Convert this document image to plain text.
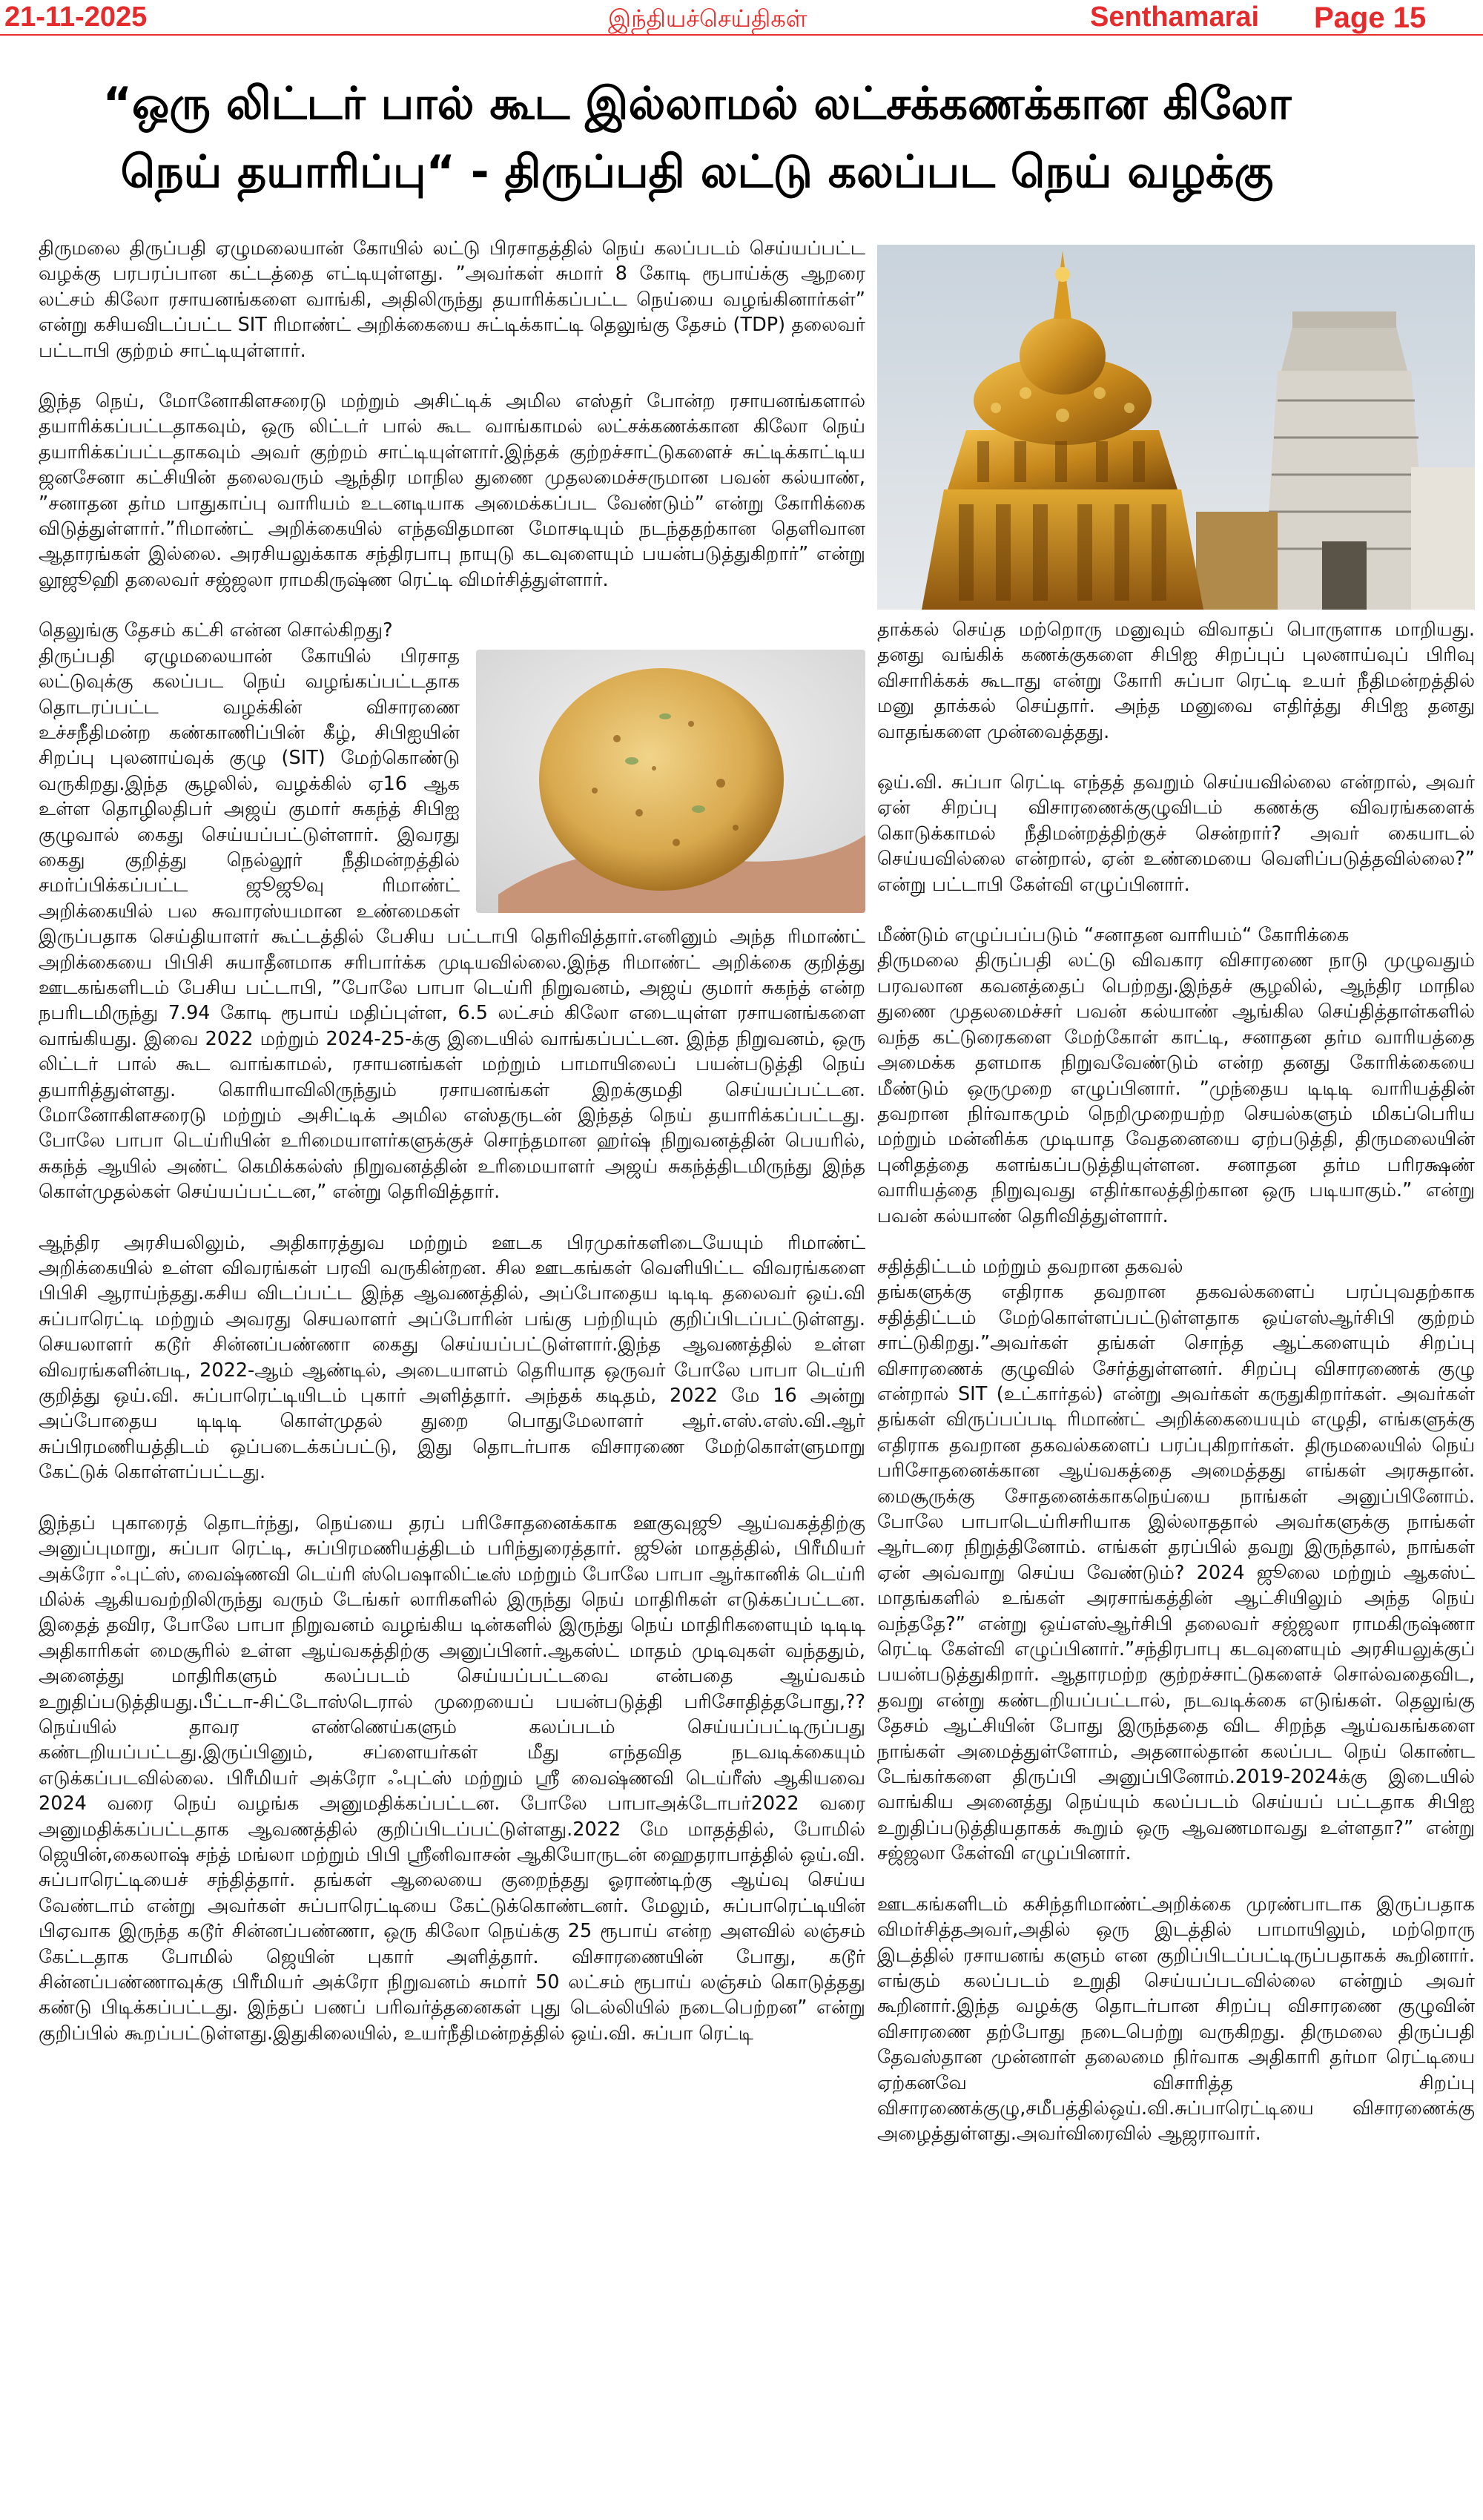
21-11-2025	இந்தியச்செய்திகள்	Senthamarai Page 15
“ஒரு லிட்டர் பால் கூட இல்லாமல் லட்சக்கணக்கான கிலோ
நெய் தயாரிப்பு“ - திருப்பதி லட்டு கலப்பட நெய் வழக்கு

திருமலை திருப்பதி ஏழுமலையான் கோயில் லட்டு பிரசாதத்தில் நெய் கலப்படம் செய்யப்பட்ட வழக்கு பரபரப்பான கட்டத்தை எட்டியுள்ளது. ”அவர்கள் சுமார் 8 கோடி ரூபாய்க்கு ஆறரை லட்சம் கிலோ ரசாயனங்களை வாங்கி, அதிலிருந்து தயாரிக்கப்பட்ட நெய்யை வழங்கினார்கள்” என்று கசியவிடப்பட்ட SIT ரிமாண்ட் அறிக்கையை சுட்டிக்காட்டி தெலுங்கு தேசம் (TDP) தலைவர் பட்டாபி குற்றம் சாட்டியுள்ளார்.

இந்த நெய், மோனோகிளசரைடு மற்றும் அசிட்டிக் அமில எஸ்தர் போன்ற ரசாயனங்களால் தயாரிக்கப்பட்டதாகவும், ஒரு லிட்டர் பால் கூட வாங்காமல் லட்சக்கணக்கான கிலோ நெய் தயாரிக்கப்பட்டதாகவும் அவர் குற்றம் சாட்டியுள்ளார்.இந்தக் குற்றச்சாட்டுகளைச் சுட்டிக்காட்டிய ஜனசேனா கட்சியின் தலைவரும் ஆந்திர மாநில துணை முதலமைச்சருமான பவன் கல்யாண், ”சனாதன தர்ம பாதுகாப்பு வாரியம் உடனடியாக அமைக்கப்பட வேண்டும்” என்று கோரிக்கை விடுத்துள்ளார்.”ரிமாண்ட் அறிக்கையில் எந்தவிதமான மோசடியும் நடந்ததற்கான தெளிவான ஆதாரங்கள் இல்லை. அரசியலுக்காக சந்திரபாபு நாயுடு கடவுளையும் பயன்படுத்துகிறார்” என்று லூஜூஹி தலைவர் சஜ்ஜலா ராமகிருஷ்ண ரெட்டி விமர்சித்துள்ளார்.

தெலுங்கு தேசம் கட்சி என்ன சொல்கிறது?

திருப்பதி ஏழுமலையான் கோயில் பிரசாத லட்டுவுக்கு கலப்பட நெய் வழங்கப்பட்டதாக தொடரப்பட்ட வழக்கின் விசாரணை உச்சநீதிமன்ற கண்காணிப்பின் கீழ், சிபிஐயின் சிறப்பு புலனாய்வுக் குழு (SIT) மேற்கொண்டு வருகிறது.இந்த சூழலில், வழக்கில் ஏ16 ஆக உள்ள தொழிலதிபர் அஜய் குமார் சுகந்த் சிபிஐ குழுவால் கைது செய்யப்பட்டுள்ளார். இவரது கைது குறித்து நெல்லூர் நீதிமன்றத்தில் சமர்ப்பிக்கப்பட்ட ஜூஜூவு ரிமாண்ட் அறிக்கையில் பல சுவாரஸ்யமான உண்மைகள் இருப்பதாக செய்தியாளர் கூட்டத்தில் பேசிய பட்டாபி தெரிவித்தார்.எனினும் அந்த ரிமாண்ட் அறிக்கையை பிபிசி சுயாதீனமாக சரிபார்க்க முடியவில்லை.இந்த ரிமாண்ட் அறிக்கை குறித்து ஊடகங்களிடம் பேசிய பட்டாபி, ”போலே பாபா டெய்ரி நிறுவனம், அஜய் குமார் சுகந்த் என்ற நபரிடமிருந்து 7.94 கோடி ரூபாய் மதிப்புள்ள, 6.5 லட்சம் கிலோ எடையுள்ள ரசாயனங்களை வாங்கியது. இவை 2022 மற்றும் 2024-25-க்கு இடையில் வாங்கப்பட்டன. இந்த நிறுவனம், ஒரு லிட்டர் பால் கூட வாங்காமல், ரசாயனங்கள் மற்றும் பாமாயிலைப் பயன்படுத்தி நெய் தயாரித்துள்ளது. கொரியாவிலிருந்தும் ரசாயனங்கள் இறக்குமதி செய்யப்பட்டன. மோனோகிளசரைடு மற்றும் அசிட்டிக் அமில எஸ்தருடன் இந்தத் நெய் தயாரிக்கப்பட்டது. போலே பாபா டெய்ரியின் உரிமையாளர்களுக்குச் சொந்தமான ஹர்ஷ் நிறுவனத்தின் பெயரில், சுகந்த் ஆயில் அண்ட் கெமிக்கல்ஸ் நிறுவனத்தின் உரிமையாளர் அஜய் சுகந்த்திடமிருந்து இந்த கொள்முதல்கள் செய்யப்பட்டன,” என்று தெரிவித்தார்.

ஆந்திர அரசியலிலும், அதிகாரத்துவ மற்றும் ஊடக பிரமுகர்களிடையேயும் ரிமாண்ட் அறிக்கையில் உள்ள விவரங்கள் பரவி வருகின்றன. சில ஊடகங்கள் வெளியிட்ட விவரங்களை பிபிசி ஆராய்ந்தது.கசிய விடப்பட்ட இந்த ஆவணத்தில், அப்போதைய டிடிடி தலைவர் ஒய்.வி சுப்பாரெட்டி மற்றும் அவரது செயலாளர் அப்போரின் பங்கு பற்றியும் குறிப்பிடப்பட்டுள்ளது. செயலாளர் கடூர் சின்னப்பண்ணா கைது செய்யப்பட்டுள்ளார்.இந்த ஆவணத்தில் உள்ள விவரங்களின்படி, 2022-ஆம் ஆண்டில், அடையாளம் தெரியாத ஒருவர் போலே பாபா டெய்ரி குறித்து ஒய்.வி. சுப்பாரெட்டியிடம் புகார் அளித்தார். அந்தக் கடிதம், 2022 மே 16 அன்று அப்போதைய டிடிடி கொள்முதல் துறை பொதுமேலாளர் ஆர்.எஸ்.எஸ்.வி.ஆர் சுப்பிரமணியத்திடம் ஒப்படைக்கப்பட்டு, இது தொடர்பாக விசாரணை மேற்கொள்ளுமாறு கேட்டுக் கொள்ளப்பட்டது.

இந்தப் புகாரைத் தொடர்ந்து, நெய்யை தரப் பரிசோதனைக்காக ஊகுவுஜூ ஆய்வகத்திற்கு அனுப்புமாறு, சுப்பா ரெட்டி, சுப்பிரமணியத்திடம் பரிந்துரைத்தார். ஜூன் மாதத்தில், பிரீமியர் அக்ரோ ஃபுட்ஸ், வைஷ்ணவி டெய்ரி ஸ்பெஷாலிட்டீஸ் மற்றும் போலே பாபா ஆர்கானிக் டெய்ரி மில்க் ஆகியவற்றிலிருந்து வரும் டேங்கர் லாரிகளில் இருந்து நெய் மாதிரிகள் எடுக்கப்பட்டன. இதைத் தவிர, போலே பாபா நிறுவனம் வழங்கிய டின்களில் இருந்து நெய் மாதிரிகளையும் டிடிடி அதிகாரிகள் மைசூரில் உள்ள ஆய்வகத்திற்கு அனுப்பினர்.ஆகஸ்ட் மாதம் முடிவுகள் வந்ததும், அனைத்து மாதிரிகளும் கலப்படம் செய்யப்பட்டவை என்பதை ஆய்வகம் உறுதிப்படுத்தியது.பீட்டா-சிட்டோஸ்டெரால் முறையைப் பயன்படுத்தி பரிசோதித்தபோது,??நெய்யில் தாவர எண்ணெய்களும் கலப்படம் செய்யப்பட்டிருப்பது கண்டறியப்பட்டது.இருப்பினும், சப்ளையர்கள் மீது எந்தவித நடவடிக்கையும் எடுக்கப்படவில்லை. பிரீமியர் அக்ரோ ஃபுட்ஸ் மற்றும் ஸ்ரீ வைஷ்ணவி டெய்ரீஸ் ஆகியவை 2024 வரை நெய் வழங்க அனுமதிக்கப்பட்டன. போலே பாபாஅக்டோபர்2022 வரை அனுமதிக்கப்பட்டதாக ஆவணத்தில் குறிப்பிடப்பட்டுள்ளது.2022 மே மாதத்தில், போமில் ஜெயின்,கைலாஷ் சந்த் மங்லா மற்றும் பிபி ஸ்ரீனிவாசன் ஆகியோருடன் ஹைதராபாத்தில் ஒய்.வி. சுப்பாரெட்டியைச் சந்தித்தார். தங்கள் ஆலையை குறைந்தது ஓராண்டிற்கு ஆய்வு செய்ய வேண்டாம் என்று அவர்கள் சுப்பாரெட்டியை கேட்டுக்கொண்டனர். மேலும், சுப்பாரெட்டியின் பிஏவாக இருந்த கடூர் சின்னப்பண்ணா, ஒரு கிலோ நெய்க்கு 25 ரூபாய் என்ற அளவில் லஞ்சம் கேட்டதாக போமில் ஜெயின் புகார் அளித்தார். விசாரணையின் போது, கடூர் சின்னப்பண்ணாவுக்கு பிரீமியர் அக்ரோ நிறுவனம் சுமார் 50 லட்சம் ரூபாய் லஞ்சம் கொடுத்தது கண்டு பிடிக்கப்பட்டது. இந்தப் பணப் பரிவர்த்தனைகள் புது டெல்லியில் நடைபெற்றன” என்று குறிப்பில் கூறப்பட்டுள்ளது.இதுகிலையில், உயர்நீதிமன்றத்தில் ஒய்.வி. சுப்பா ரெட்டி

தாக்கல் செய்த மற்றொரு மனுவும் விவாதப் பொருளாக மாறியது. தனது வங்கிக் கணக்குகளை சிபிஐ சிறப்புப் புலனாய்வுப் பிரிவு விசாரிக்கக் கூடாது என்று கோரி சுப்பா ரெட்டி உயர் நீதிமன்றத்தில் மனு தாக்கல் செய்தார். அந்த மனுவை எதிர்த்து சிபிஐ தனது வாதங்களை முன்வைத்தது.

ஒய்.வி. சுப்பா ரெட்டி எந்தத் தவறும் செய்யவில்லை என்றால், அவர் ஏன் சிறப்பு விசாரணைக்குழுவிடம் கணக்கு விவரங்களைக் கொடுக்காமல் நீதிமன்றத்திற்குச் சென்றார்? அவர் கையாடல் செய்யவில்லை என்றால், ஏன் உண்மையை வெளிப்படுத்தவில்லை?” என்று பட்டாபி கேள்வி எழுப்பினார்.

மீண்டும் எழுப்பப்படும் “சனாதன வாரியம்“ கோரிக்கை

திருமலை திருப்பதி லட்டு விவகார விசாரணை நாடு முழுவதும் பரவலான கவனத்தைப் பெற்றது.இந்தச் சூழலில், ஆந்திர மாநில துணை முதலமைச்சர் பவன் கல்யாண் ஆங்கில செய்தித்தாள்களில் வந்த கட்டுரைகளை மேற்கோள் காட்டி, சனாதன தர்ம வாரியத்தை அமைக்க தளமாக நிறுவவேண்டும் என்ற தனது கோரிக்கையை மீண்டும் ஒருமுறை எழுப்பினார். ”முந்தைய டிடிடி வாரியத்தின் தவறான நிர்வாகமும் நெறிமுறையற்ற செயல்களும் மிகப்பெரிய மற்றும் மன்னிக்க முடியாத வேதனையை ஏற்படுத்தி, திருமலையின் புனிதத்தை களங்கப்படுத்தியுள்ளன. சனாதன தர்ம பரிரக்ஷண் வாரியத்தை நிறுவுவது எதிர்காலத்திற்கான ஒரு படியாகும்.” என்று பவன் கல்யாண் தெரிவித்துள்ளார்.

சதித்திட்டம் மற்றும் தவறான தகவல்

தங்களுக்கு எதிராக தவறான தகவல்களைப் பரப்புவதற்காக சதித்திட்டம் மேற்கொள்ளப்பட்டுள்ளதாக ஒய்எஸ்ஆர்சிபி குற்றம் சாட்டுகிறது.”அவர்கள் தங்கள் சொந்த ஆட்களையும் சிறப்பு விசாரணைக் குழுவில் சேர்த்துள்ளனர். சிறப்பு விசாரணைக் குழு என்றால் SIT (உட்கார்தல்) என்று அவர்கள் கருதுகிறார்கள். அவர்கள் தங்கள் விருப்பப்படி ரிமாண்ட் அறிக்கையையும் எழுதி, எங்களுக்கு எதிராக தவறான தகவல்களைப் பரப்புகிறார்கள். திருமலையில் நெய் பரிசோதனைக்கான ஆய்வகத்தை அமைத்தது எங்கள் அரசுதான். மைசூருக்கு சோதனைக்காகநெய்யை நாங்கள் அனுப்பினோம். போலே பாபாடெய்ரிசரியாக இல்லாததால் அவர்களுக்கு நாங்கள் ஆர்டரை நிறுத்தினோம். எங்கள் தரப்பில் தவறு இருந்தால், நாங்கள் ஏன் அவ்வாறு செய்ய வேண்டும்? 2024 ஜூலை மற்றும் ஆகஸ்ட் மாதங்களில் உங்கள் அரசாங்கத்தின் ஆட்சியிலும் அந்த நெய் வந்ததே?” என்று ஒய்எஸ்ஆர்சிபி தலைவர் சஜ்ஜலா ராமகிருஷ்ணா ரெட்டி கேள்வி எழுப்பினார்.”சந்திரபாபு கடவுளையும் அரசியலுக்குப் பயன்படுத்துகிறார். ஆதாரமற்ற குற்றச்சாட்டுகளைச் சொல்வதைவிட, தவறு என்று கண்டறியப்பட்டால், நடவடிக்கை எடுங்கள். தெலுங்கு தேசம் ஆட்சியின் போது இருந்ததை விட சிறந்த ஆய்வகங்களை நாங்கள் அமைத்துள்ளோம், அதனால்தான் கலப்பட நெய் கொண்ட டேங்கர்களை திருப்பி அனுப்பினோம்.2019-2024க்கு இடையில் வாங்கிய அனைத்து நெய்யும் கலப்படம் செய்யப் பட்டதாக சிபிஐ உறுதிப்படுத்தியதாகக் கூறும் ஒரு ஆவணமாவது உள்ளதா?” என்று சஜ்ஜலா கேள்வி எழுப்பினார்.

ஊடகங்களிடம் கசிந்தரிமாண்ட்அறிக்கை முரண்பாடாக இருப்பதாக விமர்சித்தஅவர்,அதில் ஒரு இடத்தில் பாமாயிலும், மற்றொரு இடத்தில் ரசாயனங் களும் என குறிப்பிடப்பட்டிருப்பதாகக் கூறினார். எங்கும் கலப்படம் உறுதி செய்யப்படவில்லை என்றும் அவர் கூறினார்.இந்த வழக்கு தொடர்பான சிறப்பு விசாரணை குழுவின் விசாரணை தற்போது நடைபெற்று வருகிறது. திருமலை திருப்பதி தேவஸ்தான முன்னாள் தலைமை நிர்வாக அதிகாரி தர்மா ரெட்டியை ஏற்கனவே விசாரித்த சிறப்பு விசாரணைக்குழு,சமீபத்தில்ஒய்.வி.சுப்பாரெட்டியை விசாரணைக்கு அழைத்துள்ளது.அவர்விரைவில் ஆஜராவார்.
